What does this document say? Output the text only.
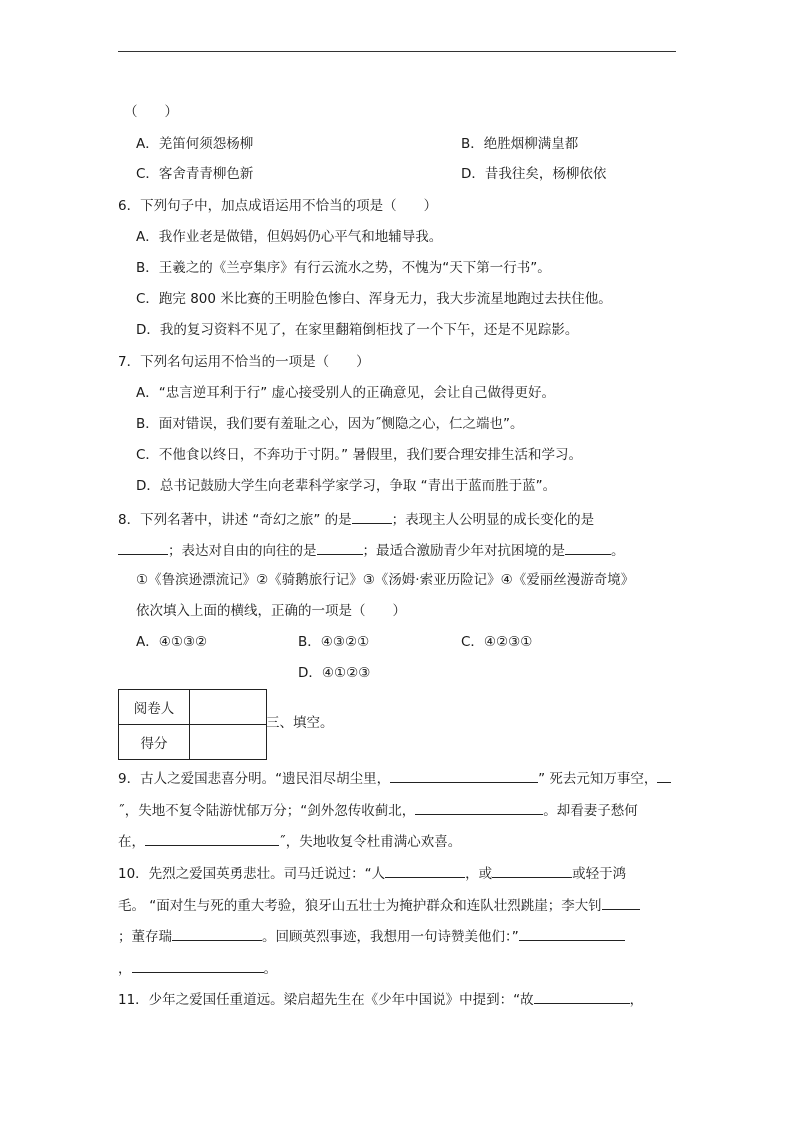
（　　）
A．羌笛何须怨杨柳	B．绝胜烟柳满皇都
C．客舍青青柳色新	D．昔我往矣，杨柳依依
6．下列句子中，加点成语运用不恰当的项是（　　）
A．我作业老是做错，但妈妈仍心平气和地辅导我。
B．王羲之的《兰亭集序》有行云流水之势，不愧为“天下第一行书”。
C．跑完 800 米比赛的王明脸色惨白、浑身无力，我大步流星地跑过去扶住他。
D．我的复习资料不见了，在家里翻箱倒柜找了一个下午，还是不见踪影。
7．下列名句运用不恰当的一项是（　　）
A．“忠言逆耳利于行” 虚心接受别人的正确意见，会让自己做得更好。
B．面对错误，我们要有羞耻之心，因为˝恻隐之心，仁之端也”。
C．不他食以终日，不奔功于寸阴。” 暑假里，我们要合理安排生活和学习。
D．总书记鼓励大学生向老辈科学家学习，争取 “青出于蓝而胜于蓝”。
8．下列名著中，讲述 “奇幻之旅” 的是	；表现主人公明显的成长变化的是
；表达对自由的向往的是	；最适合激励青少年对抗困境的是	。
①《鲁滨逊漂流记》②《骑鹅旅行记》③《汤姆·索亚历险记》④《爱丽丝漫游奇境》
依次填入上面的横线，正确的一项是（　　）
A．④①③②	B．④③②①	C．④②③①
D．④①②③
阅卷人	
得分	
三、填空。
9．古人之爱国悲喜分明。“遗民泪尽胡尘里，	” 死去元知万事空，
˝，失地不复令陆游忧郁万分；“剑外忽传收蓟北，	。却看妻子愁何
在，	˝，失地收复令杜甫满心欢喜。
10．先烈之爱国英勇悲壮。司马迁说过：“人	，或	或轻于鸿
毛。 “面对生与死的重大考验，狼牙山五壮士为掩护群众和连队壮烈跳崖；李大钊
；董存瑞	。回顾英烈事迹，我想用一句诗赞美他们：”
，	。
11．少年之爱国任重道远。梁启超先生在《少年中国说》中提到：“故	，
